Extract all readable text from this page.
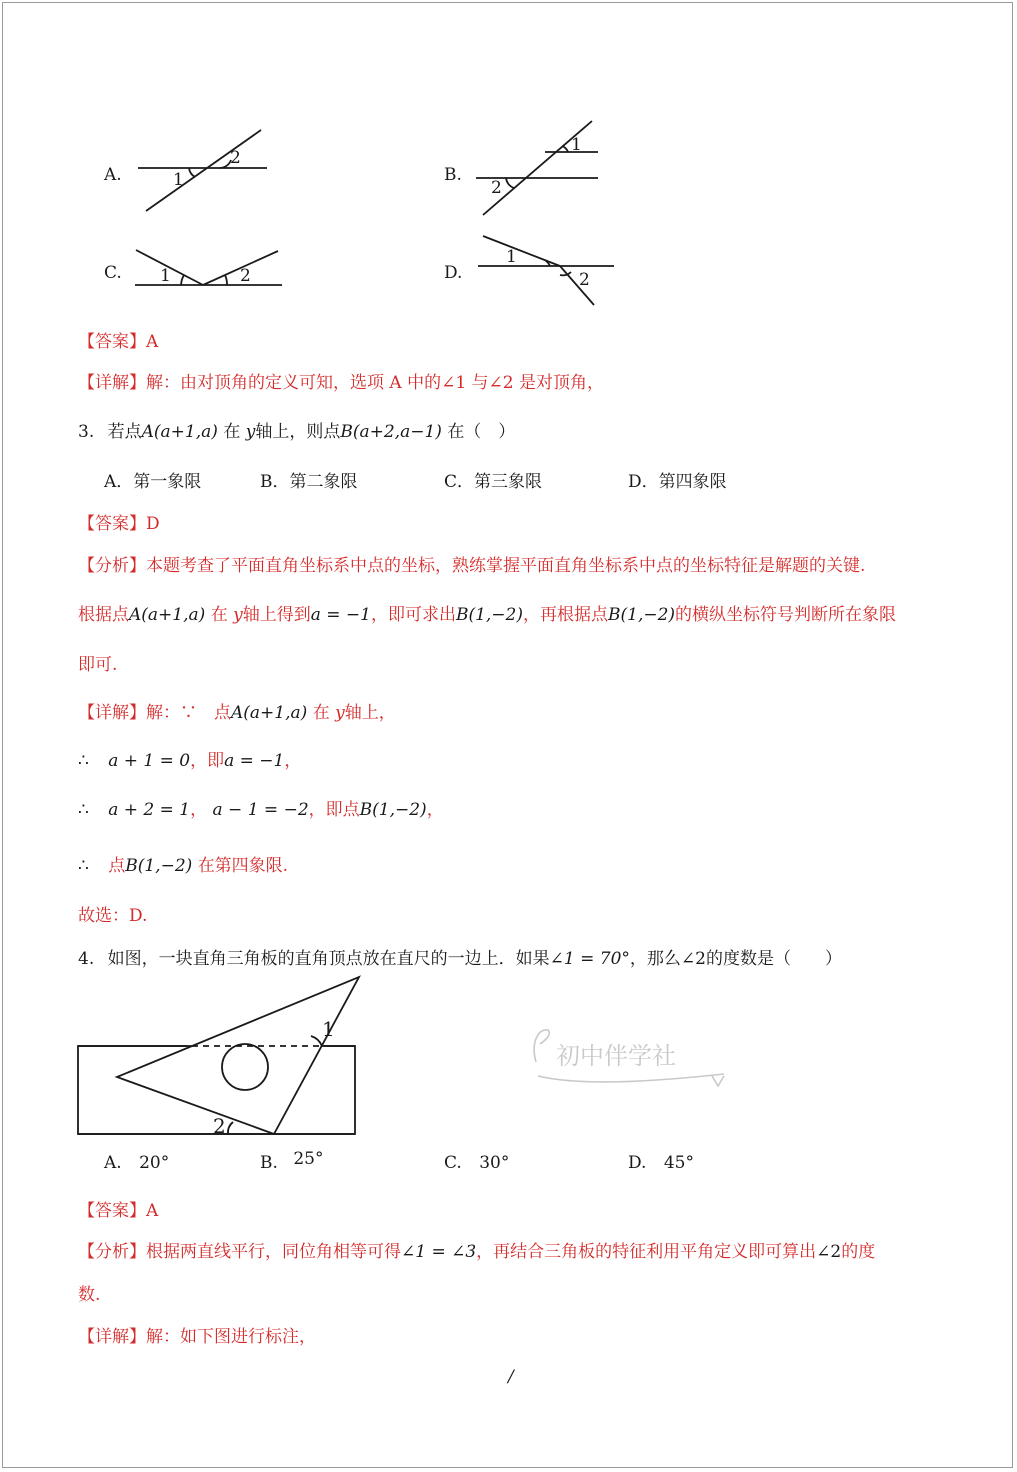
A.
2
1	B.
1
2
C. 1	2	D.
1
2
【答案】A
【详解】解：由对顶角的定义可知，选项 A 中的∠1 与∠2 是对顶角，
3. 若点A(a+1,a) 在 y轴上，则点B(a+2,a−1) 在（　）
A．第一象限	B．第二象限	C．第三象限	D．第四象限
【答案】D
【分析】本题考查了平面直角坐标系中点的坐标，熟练掌握平面直角坐标系中点的坐标特征是解题的关键.
根据点A(a+1,a) 在 y轴上得到a = −1，即可求出B(1,−2)，再根据点B(1,−2)的横纵坐标符号判断所在象限
即可.
【详解】解：∵　点A(a+1,a) 在 y轴上，
∴ a + 1 = 0，即a = −1，
∴ a + 2 = 1， a − 1 = −2，即点B(1,−2)，
∴ 点B(1,−2) 在第四象限.
故选：D.
4. 如图，一块直角三角板的直角顶点放在直尺的一边上．如果∠1 = 70°，那么∠2的度数是（　　）
1
2
初中伴学社
A. 20°	B. 25°	C. 30°	D. 45°
【答案】A
【分析】根据两直线平行，同位角相等可得∠1 = ∠3，再结合三角板的特征利用平角定义即可算出∠2的度
数.
【详解】解：如下图进行标注，
/
